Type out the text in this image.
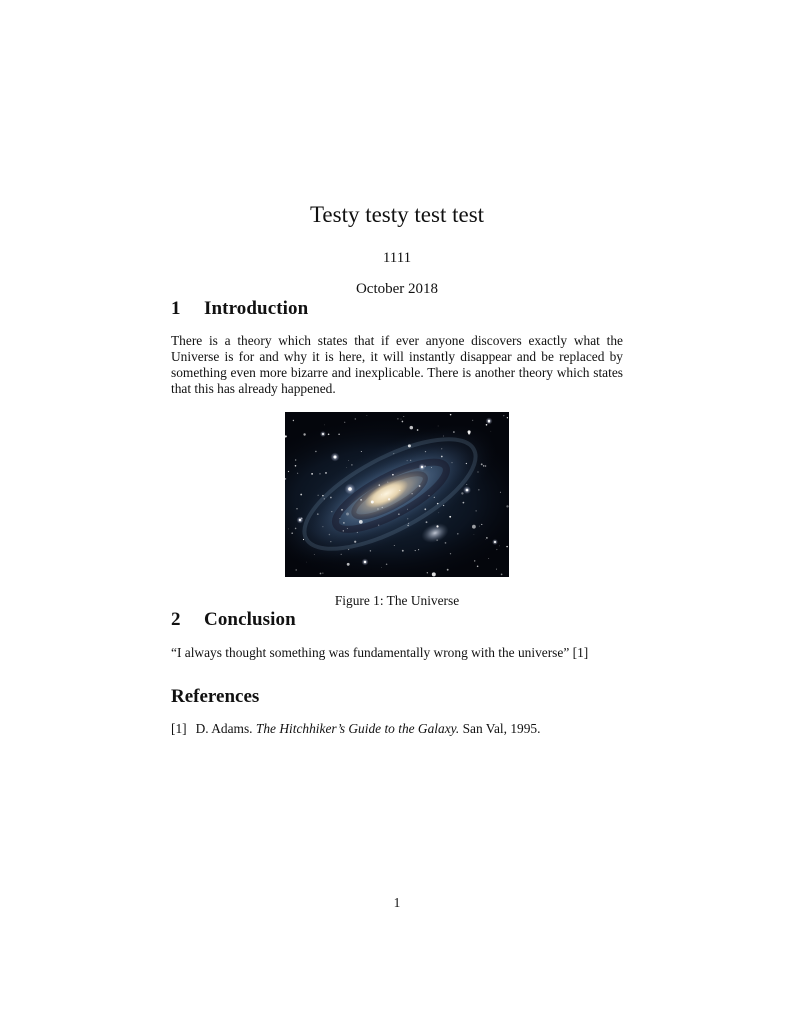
Testy testy test test
1111
October 2018
1 Introduction

There is a theory which states that if ever anyone discovers exactly what the Universe is for and why it is here, it will instantly disappear and be replaced by something even more bizarre and inexplicable. There is another theory which states that this has already happened.

Figure 1: The Universe
2 Conclusion

“I always thought something was fundamentally wrong with the universe” [1]

References
[1] D. Adams. The Hitchhiker’s Guide to the Galaxy. San Val, 1995.
1
